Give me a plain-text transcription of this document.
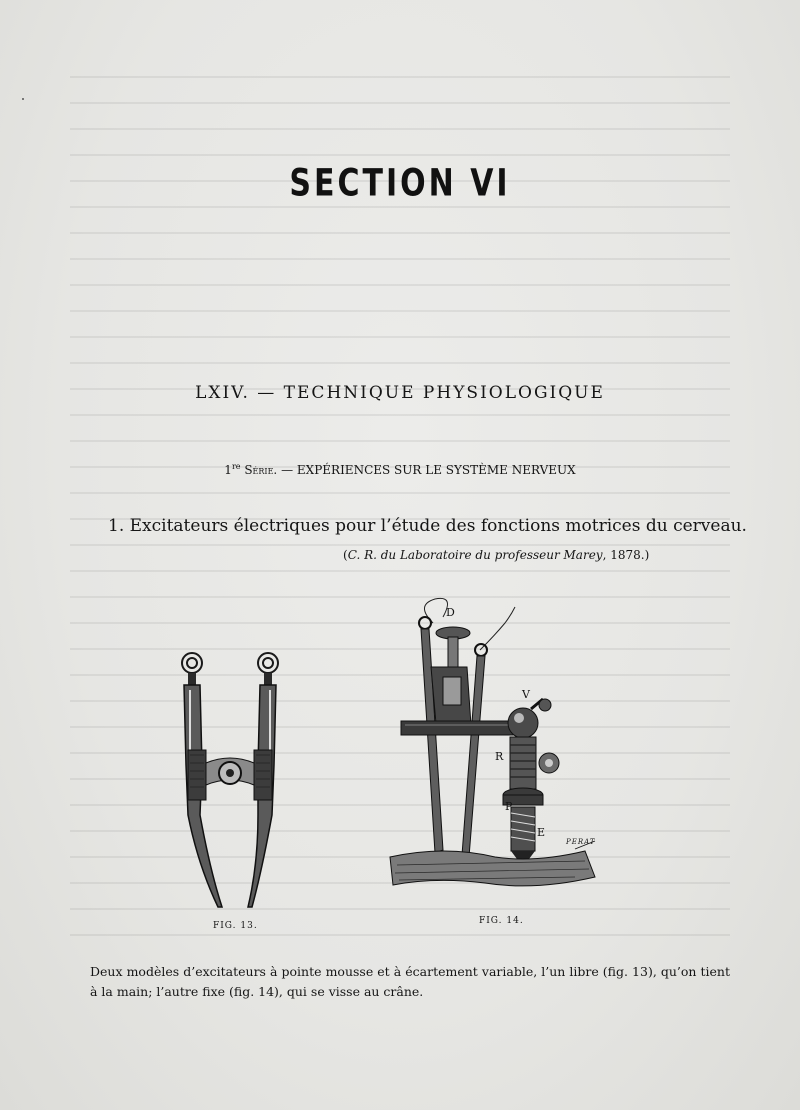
SECTION VI
LXIV. — TECHNIQUE PHYSIOLOGIQUE
1re Série. — EXPÉRIENCES SUR LE SYSTÈME NERVEUX
1. Excitateurs électriques pour l’étude des fonctions motrices du cerveau.
(C. R. du Laboratoire du professeur Marey, 1878.)
D
V
R
P
E
PERAT
FIG. 13.	FIG. 14.
Deux modèles d’excitateurs à pointe mousse et à écartement variable, l’un libre (fig. 13), qu’on tient à la main; l’autre fixe (fig. 14), qui se visse au crâne.
